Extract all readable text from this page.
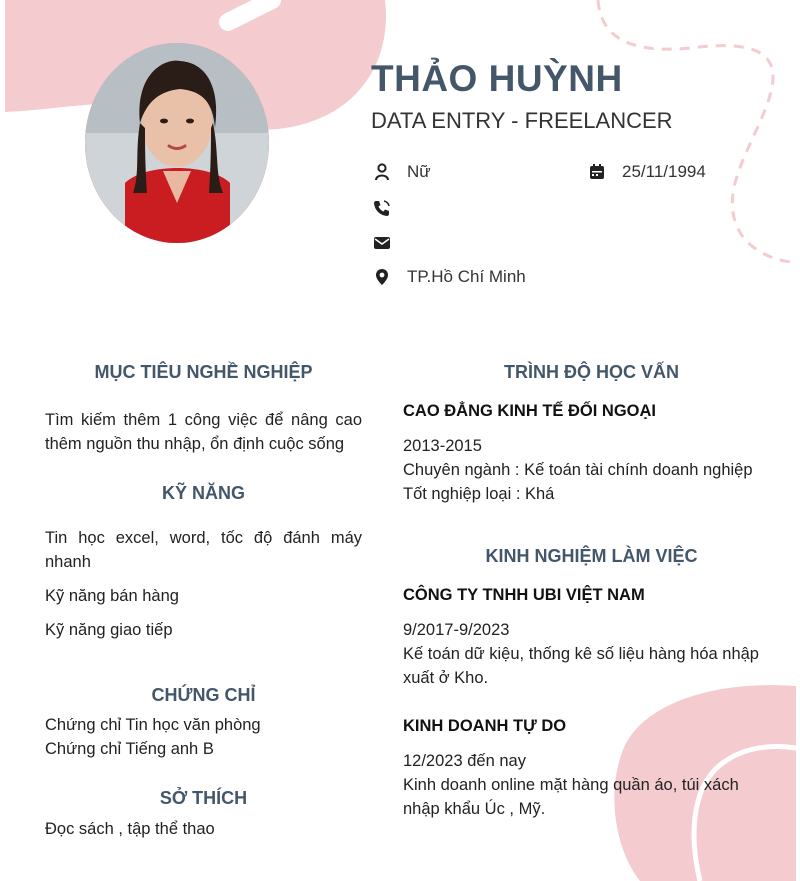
THẢO HUỲNH
DATA ENTRY - FREELANCER
Nữ	25/11/1994
TP.Hồ Chí Minh
MỤC TIÊU NGHỀ NGHIỆP
Tìm kiếm thêm 1 công việc để nâng cao thêm nguồn thu nhập, ổn định cuộc sống
KỸ NĂNG
Tin học excel, word, tốc độ đánh máy nhanh
Kỹ năng bán hàng
Kỹ năng giao tiếp
CHỨNG CHỈ
Chứng chỉ Tin học văn phòng
Chứng chỉ Tiếng anh B
SỞ THÍCH
Đọc sách , tập thể thao
TRÌNH ĐỘ HỌC VẤN
CAO ĐẲNG KINH TẾ ĐỐI NGOẠI
2013-2015
Chuyên ngành : Kế toán tài chính doanh nghiệp
Tốt nghiệp loại : Khá
KINH NGHIỆM LÀM VIỆC
CÔNG TY TNHH UBI VIỆT NAM
9/2017-9/2023
Kế toán dữ kiệu, thống kê số liệu hàng hóa nhập xuất ở Kho.
KINH DOANH TỰ DO
12/2023 đến nay
Kinh doanh online mặt hàng quần áo, túi xách nhập khẩu Úc , Mỹ.
